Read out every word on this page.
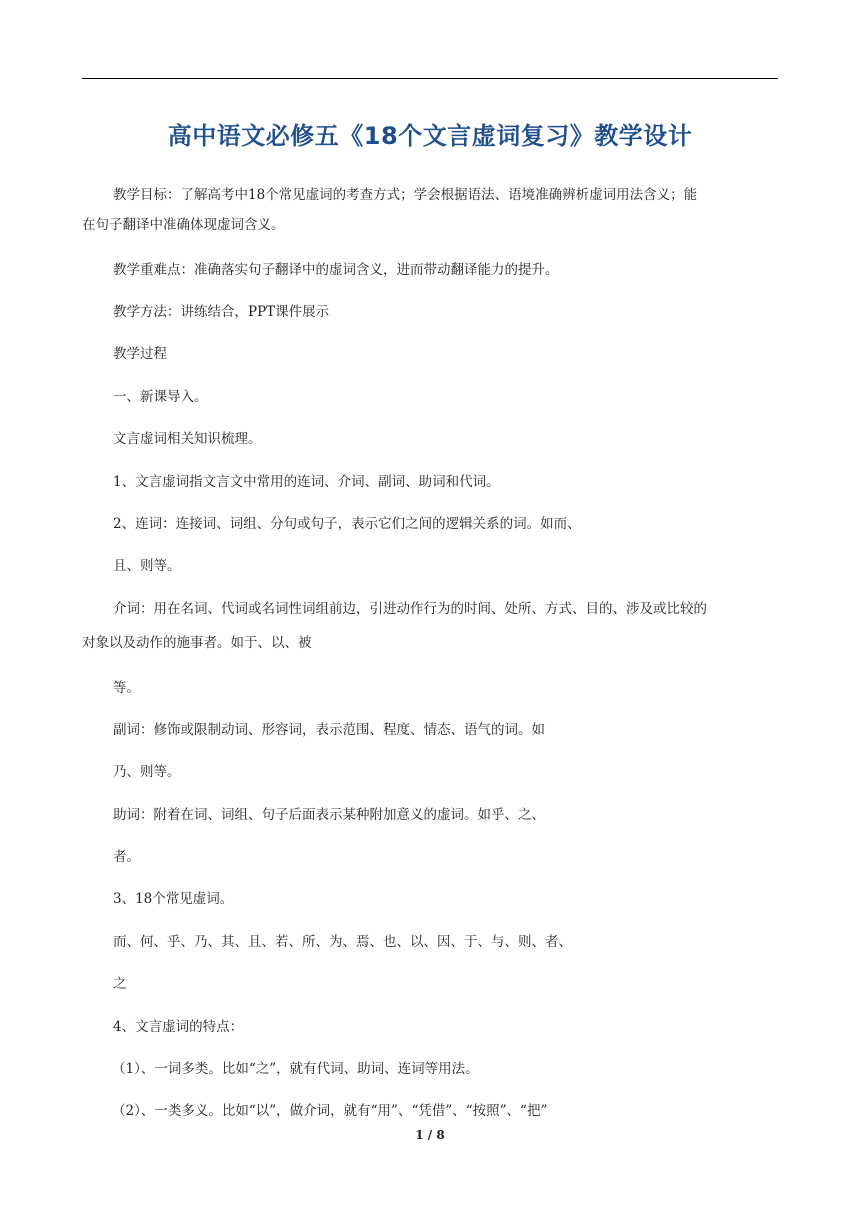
高中语文必修五《18个文言虚词复习》教学设计
教学目标：了解高考中18个常见虚词的考查方式；学会根据语法、语境准确辨析虚词用法含义；能
在句子翻译中准确体现虚词含义。
教学重难点：准确落实句子翻译中的虚词含义，进而带动翻译能力的提升。
教学方法：讲练结合，PPT课件展示
教学过程
一、新课导入。
文言虚词相关知识梳理。
1、文言虚词指文言文中常用的连词、介词、副词、助词和代词。
2、连词：连接词、词组、分句或句子，表示它们之间的逻辑关系的词。如而、
且、则等。
介词：用在名词、代词或名词性词组前边，引进动作行为的时间、处所、方式、目的、涉及或比较的
对象以及动作的施事者。如于、以、被
等。
副词：修饰或限制动词、形容词，表示范围、程度、情态、语气的词。如
乃、则等。
助词：附着在词、词组、句子后面表示某种附加意义的虚词。如乎、之、
者。
3、18个常见虚词。
而、何、乎、乃、其、且、若、所、为、焉、也、以、因、于、与、则、者、
之
4、文言虚词的特点：
（1）、一词多类。比如“之”，就有代词、助词、连词等用法。
（2）、一类多义。比如“以”，做介词，就有“用”、“凭借”、“按照”、“把”
1 / 8
